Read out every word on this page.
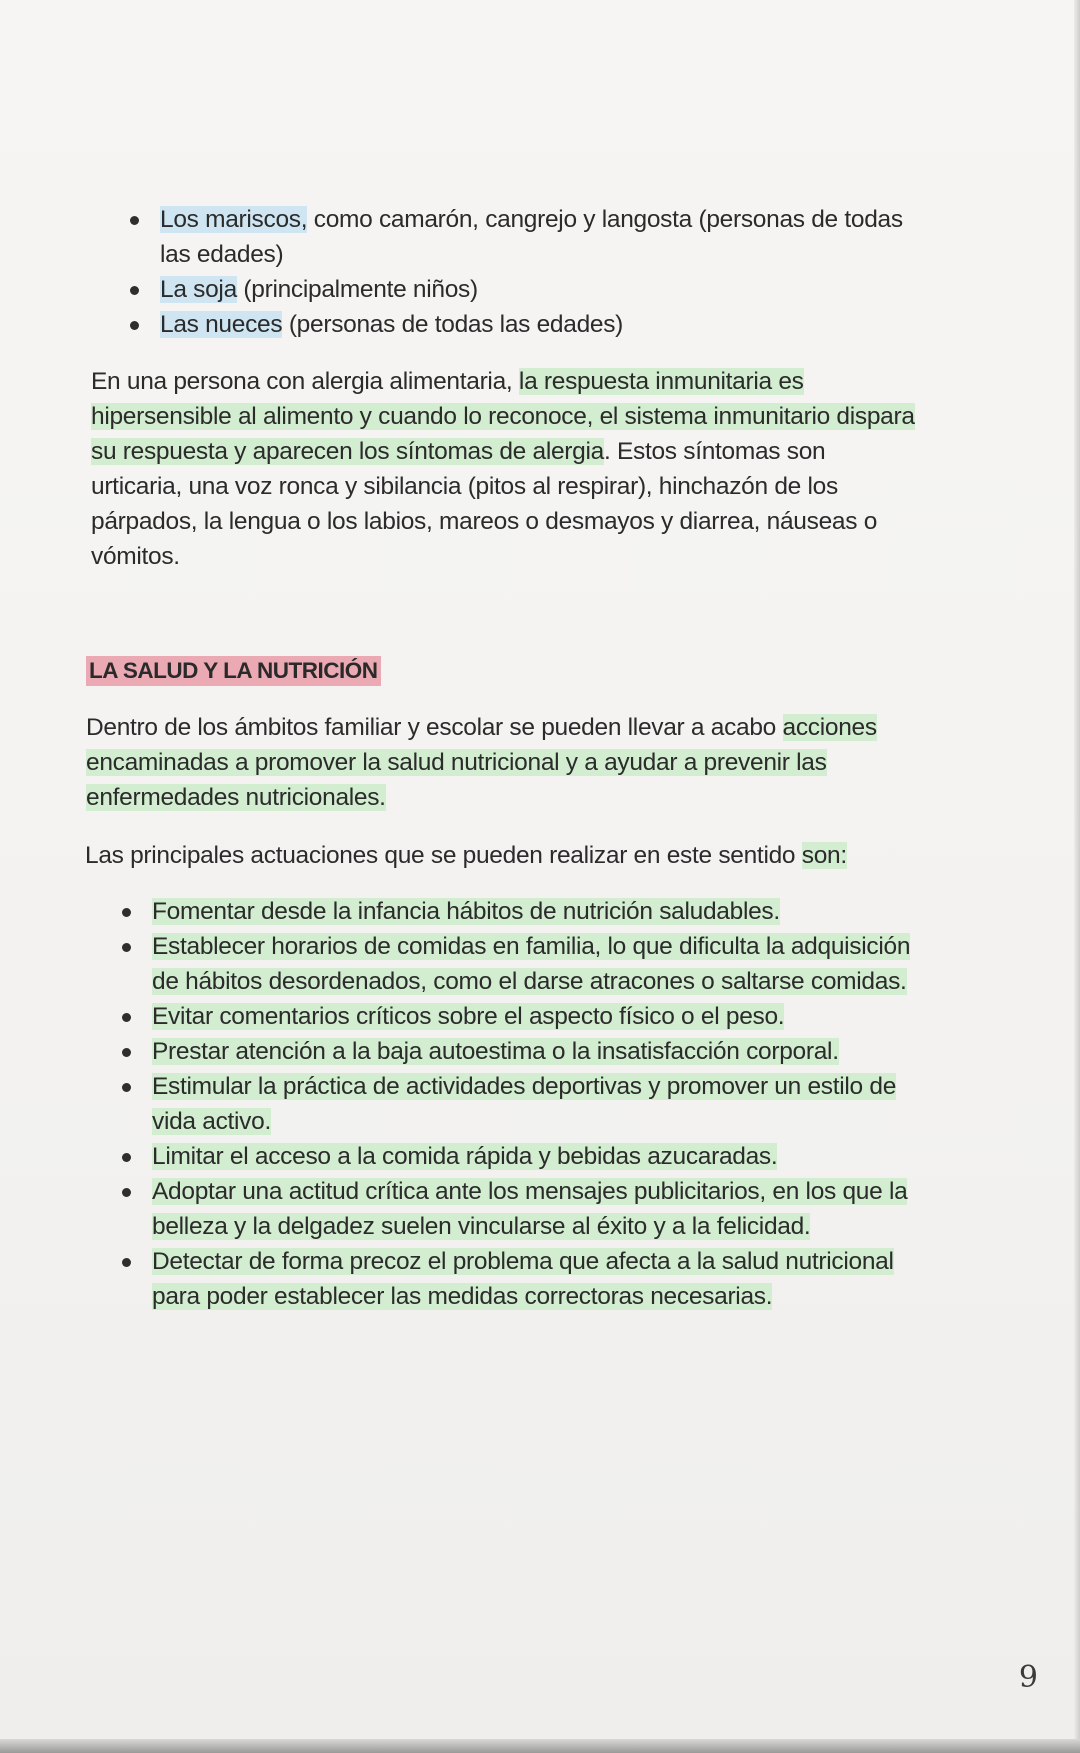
Los mariscos, como camarón, cangrejo y langosta (personas de todas las edades)
La soja (principalmente niños)
Las nueces (personas de todas las edades)

En una persona con alergia alimentaria, la respuesta inmunitaria es hipersensible al alimento y cuando lo reconoce, el sistema inmunitario dispara su respuesta y aparecen los síntomas de alergia. Estos síntomas son urticaria, una voz ronca y sibilancia (pitos al respirar), hinchazón de los párpados, la lengua o los labios, mareos o desmayos y diarrea, náuseas o vómitos.

LA SALUD Y LA NUTRICIÓN

Dentro de los ámbitos familiar y escolar se pueden llevar a acabo acciones encaminadas a promover la salud nutricional y a ayudar a prevenir las enfermedades nutricionales.

Las principales actuaciones que se pueden realizar en este sentido son:

Fomentar desde la infancia hábitos de nutrición saludables.
Establecer horarios de comidas en familia, lo que dificulta la adquisición de hábitos desordenados, como el darse atracones o saltarse comidas.
Evitar comentarios críticos sobre el aspecto físico o el peso.
Prestar atención a la baja autoestima o la insatisfacción corporal.
Estimular la práctica de actividades deportivas y promover un estilo de vida activo.
Limitar el acceso a la comida rápida y bebidas azucaradas.
Adoptar una actitud crítica ante los mensajes publicitarios, en los que la belleza y la delgadez suelen vincularse al éxito y a la felicidad.
Detectar de forma precoz el problema que afecta a la salud nutricional para poder establecer las medidas correctoras necesarias.
9
